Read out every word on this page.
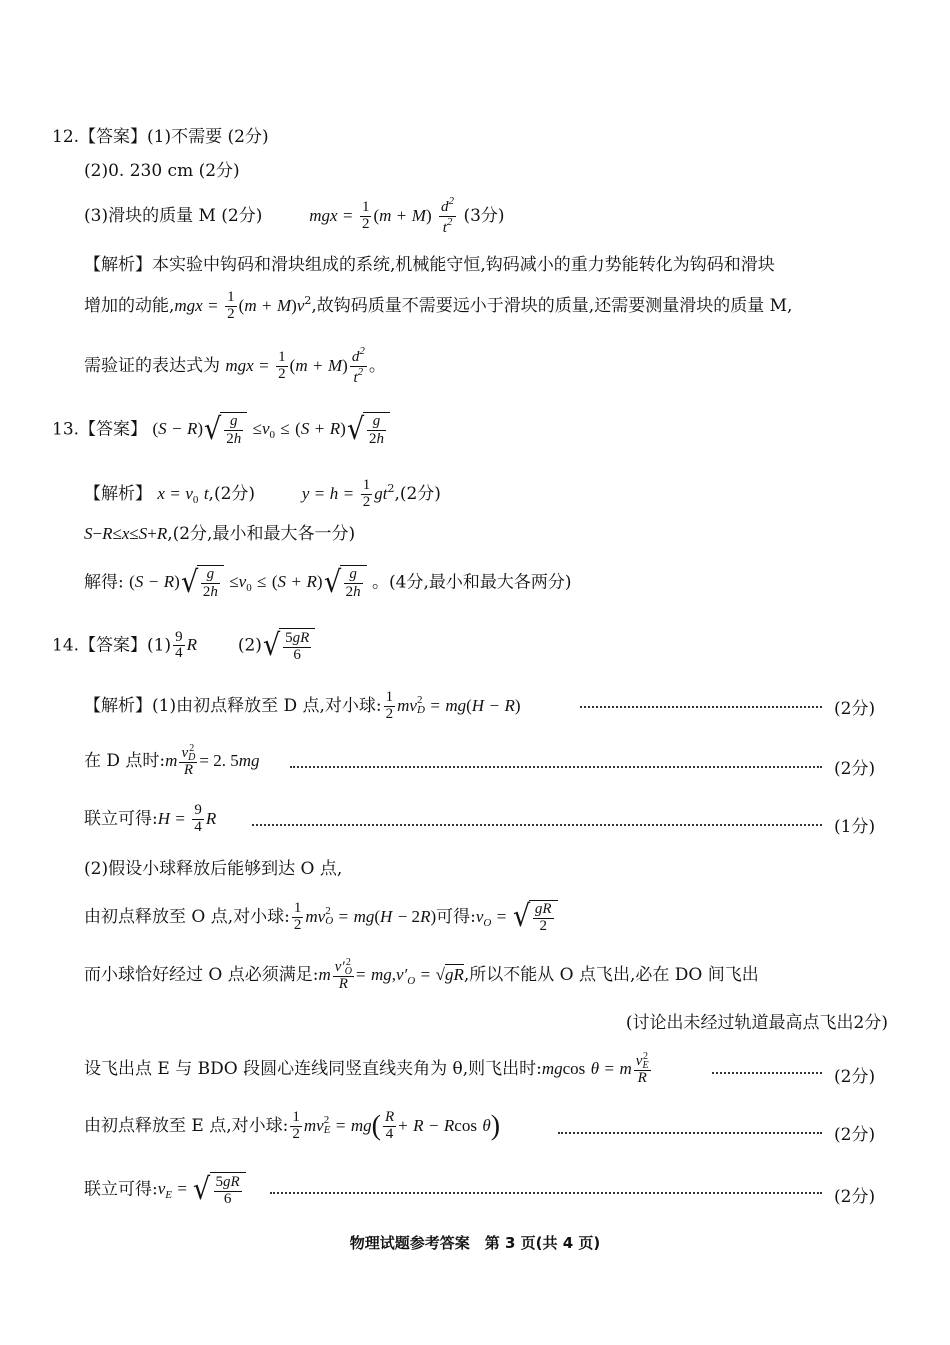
12.【答案】(1)不需要 (2分)
(2)0. 230 cm (2分)
(3)滑块的质量 M (2分)	mgx = $\frac{1}{2} (m + M) \frac{d^2}{t^2} (3$分)
【解析】本实验中钩码和滑块组成的系统,机械能守恒,钩码减小的重力势能转化为钩码和滑块
增加的动能$,mgx = \frac{1}{2} (m + M)v^2$,故钩码质量不需要远小于滑块的质量,还需要测量滑块的质量 M,
需验证的表达式为 mgx = $\frac{1}{2} (m + M) \frac{d^2}{t^2}$ 。
13.【答案】 $(S - R)√ \frac{g}{2h} \le v_0 \le (S + R)√ \frac{g}{2h}$
【解析】 $x = v_0$ t,(2分)	$y = h = \frac{1}{2} gt^2,(2$分)
S−R≤x≤S+R,(2分,最小和最大各一分)
解得: $(S - R)√ \frac{g}{2h} \le v_0 \le (S + R)√ \frac{g}{2h}$ 。(4分,最小和最大各两分)
14.【答案】$(1) \frac{9}{4}$ R $(2)√ \frac{5gR}{6}$
【解析】(1)由初点释放至 D 点,对小球: $\frac{1}{2}$ mv 2
D = mg(H − R)	(2分)
在 D 点时:m v 2
D
R = 2. 5mg	(2分)
联立可得:H = $\frac{9}{4}$ R	(1分)
(2)假设小球释放后能够到达 O 点,
由初点释放至 O 点,对小球: $\frac{1}{2}$ mv 2
O = mg(H − 2R)可得$:v_O$ = √ $\frac{gR}{2}$
而小球恰好经过 O 点必须满足:m v′ 2
O
$R = mg,v'_O = √gR$,所以不能从 O 点飞出,必在 DO 间飞出
(讨论出未经过轨道最高点飞出2分)
设飞出点 E 与 BDO 段圆心连线同竖直线夹角为 θ,则飞出时:mgcos θ = m v 2
E
R	(2分)
由初点释放至 E 点,对小球: $\frac{1}{2}$ mv 2
$E = mg( \frac{R}{4} + R - Rcos$ θ)	(2分)
联立可得$:v_E$ = √ $\frac{5gR}{6}$	(2分)
物理试题参考答案　第 3 页(共 4 页)
